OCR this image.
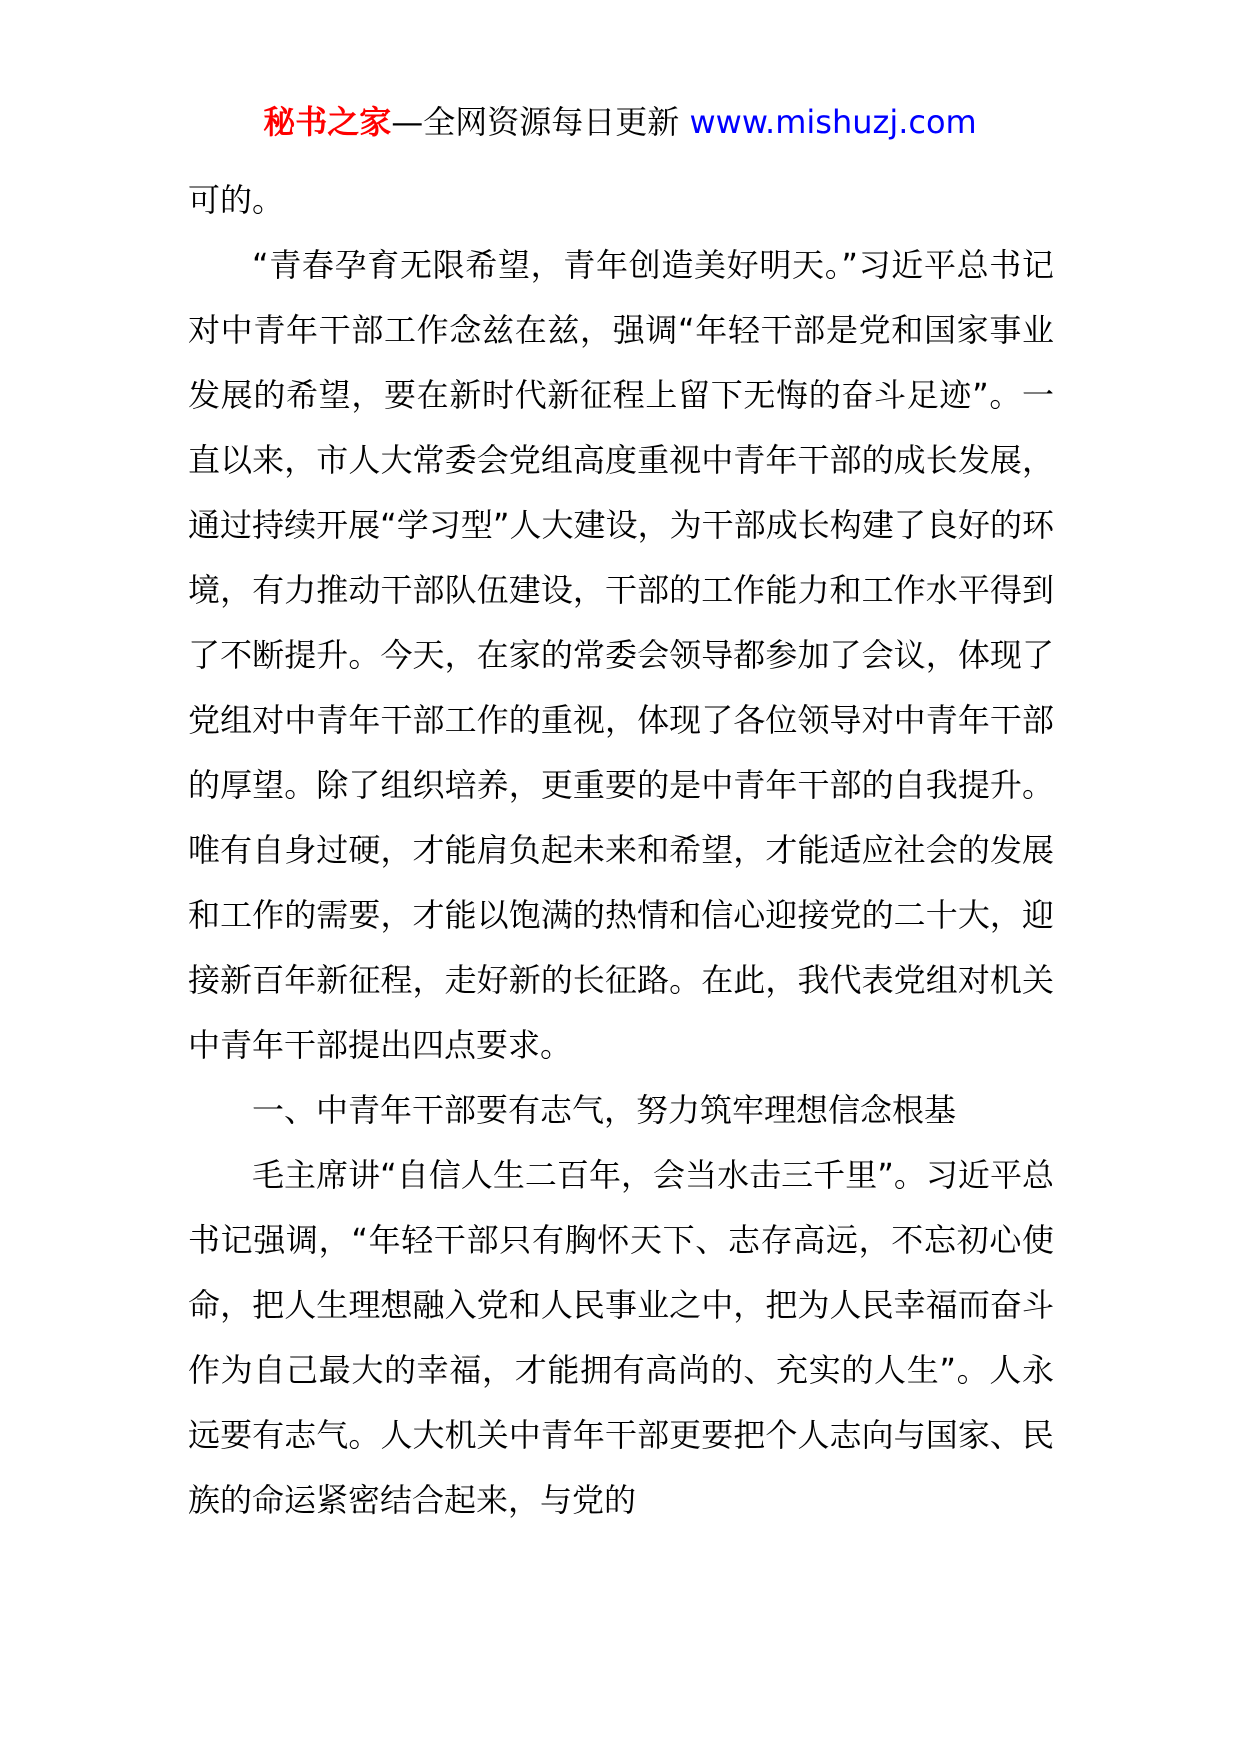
秘书之家—全网资源每日更新 www.mishuzj.com

可的。

“青春孕育无限希望，青年创造美好明天。”习近平总书记对中青年干部工作念兹在兹，强调“年轻干部是党和国家事业发展的希望，要在新时代新征程上留下无悔的奋斗足迹”。一直以来，市人大常委会党组高度重视中青年干部的成长发展，通过持续开展“学习型”人大建设，为干部成长构建了良好的环境，有力推动干部队伍建设，干部的工作能力和工作水平得到了不断提升。今天，在家的常委会领导都参加了会议，体现了党组对中青年干部工作的重视，体现了各位领导对中青年干部的厚望。除了组织培养，更重要的是中青年干部的自我提升。唯有自身过硬，才能肩负起未来和希望，才能适应社会的发展和工作的需要，才能以饱满的热情和信心迎接党的二十大，迎接新百年新征程，走好新的长征路。在此，我代表党组对机关中青年干部提出四点要求。

一、中青年干部要有志气，努力筑牢理想信念根基

毛主席讲“自信人生二百年，会当水击三千里”。习近平总书记强调，“年轻干部只有胸怀天下、志存高远，不忘初心使命，把人生理想融入党和人民事业之中，把为人民幸福而奋斗作为自己最大的幸福，才能拥有高尚的、充实的人生”。人永远要有志气。人大机关中青年干部更要把个人志向与国家、民族的命运紧密结合起来，与党的
